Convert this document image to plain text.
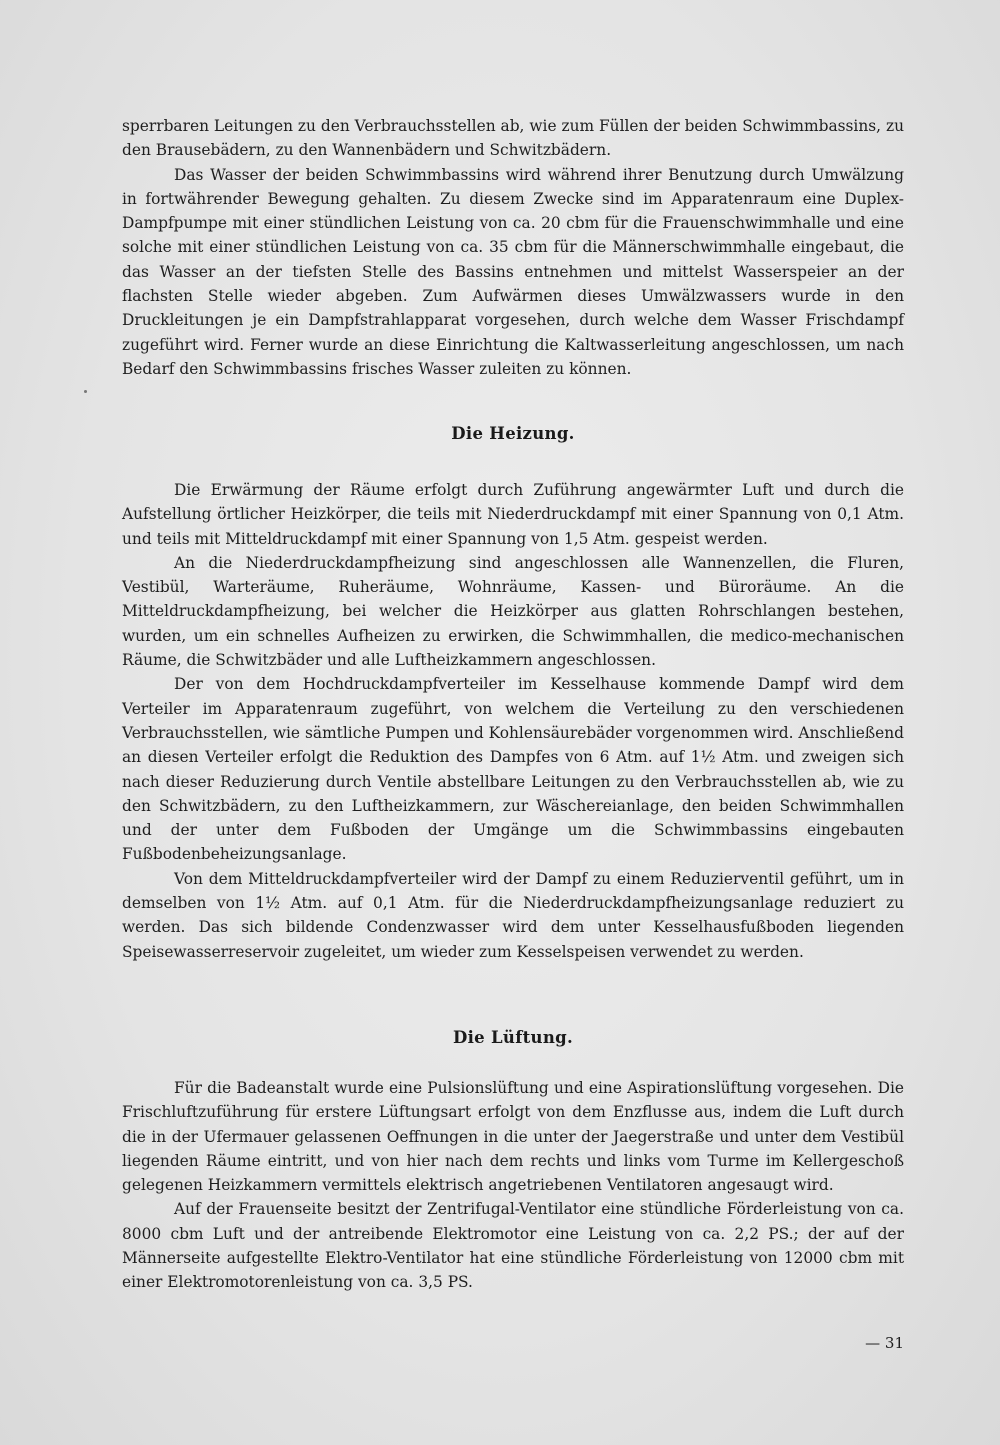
sperrbaren Leitungen zu den Verbrauchsstellen ab, wie zum Füllen der beiden Schwimmbassins, zu den Brausebädern, zu den Wannenbädern und Schwitzbädern.

Das Wasser der beiden Schwimmbassins wird während ihrer Benutzung durch Umwälzung in fortwährender Bewegung gehalten. Zu diesem Zwecke sind im Apparatenraum eine Duplex-Dampfpumpe mit einer stündlichen Leistung von ca. 20 cbm für die Frauenschwimmhalle und eine solche mit einer stündlichen Leistung von ca. 35 cbm für die Männerschwimmhalle eingebaut, die das Wasser an der tiefsten Stelle des Bassins entnehmen und mittelst Wasserspeier an der flachsten Stelle wieder abgeben. Zum Aufwärmen dieses Umwälzwassers wurde in den Druckleitungen je ein Dampfstrahlapparat vorgesehen, durch welche dem Wasser Frischdampf zugeführt wird. Ferner wurde an diese Einrichtung die Kaltwasserleitung angeschlossen, um nach Bedarf den Schwimmbassins frisches Wasser zuleiten zu können.

Die Heizung.

Die Erwärmung der Räume erfolgt durch Zuführung angewärmter Luft und durch die Aufstellung örtlicher Heizkörper, die teils mit Niederdruckdampf mit einer Spannung von 0,1 Atm. und teils mit Mitteldruckdampf mit einer Spannung von 1,5 Atm. gespeist werden.

An die Niederdruckdampfheizung sind angeschlossen alle Wannenzellen, die Fluren, Vestibül, Warteräume, Ruheräume, Wohnräume, Kassen- und Büroräume. An die Mitteldruckdampfheizung, bei welcher die Heizkörper aus glatten Rohrschlangen bestehen, wurden, um ein schnelles Aufheizen zu erwirken, die Schwimmhallen, die medico-mechanischen Räume, die Schwitzbäder und alle Luftheizkammern angeschlossen.

Der von dem Hochdruckdampfverteiler im Kesselhause kommende Dampf wird dem Verteiler im Apparatenraum zugeführt, von welchem die Verteilung zu den verschiedenen Verbrauchsstellen, wie sämtliche Pumpen und Kohlensäurebäder vorgenommen wird. Anschließend an diesen Verteiler erfolgt die Reduktion des Dampfes von 6 Atm. auf 1½ Atm. und zweigen sich nach dieser Reduzierung durch Ventile abstellbare Leitungen zu den Verbrauchsstellen ab, wie zu den Schwitzbädern, zu den Luftheizkammern, zur Wäschereianlage, den beiden Schwimmhallen und der unter dem Fußboden der Umgänge um die Schwimmbassins eingebauten Fußbodenbeheizungsanlage.

Von dem Mitteldruckdampfverteiler wird der Dampf zu einem Reduzierventil geführt, um in demselben von 1½ Atm. auf 0,1 Atm. für die Niederdruckdampfheizungsanlage reduziert zu werden. Das sich bildende Condenzwasser wird dem unter Kesselhausfußboden liegenden Speisewasserreservoir zugeleitet, um wieder zum Kesselspeisen verwendet zu werden.

Die Lüftung.

Für die Badeanstalt wurde eine Pulsionslüftung und eine Aspirationslüftung vorgesehen. Die Frischluftzuführung für erstere Lüftungsart erfolgt von dem Enzflusse aus, indem die Luft durch die in der Ufermauer gelassenen Oeffnungen in die unter der Jaegerstraße und unter dem Vestibül liegenden Räume eintritt, und von hier nach dem rechts und links vom Turme im Kellergeschoß gelegenen Heizkammern vermittels elektrisch angetriebenen Ventilatoren angesaugt wird.

Auf der Frauenseite besitzt der Zentrifugal-Ventilator eine stündliche Förderleistung von ca. 8000 cbm Luft und der antreibende Elektromotor eine Leistung von ca. 2,2 PS.; der auf der Männerseite aufgestellte Elektro-Ventilator hat eine stündliche Förderleistung von 12000 cbm mit einer Elektromotorenleistung von ca. 3,5 PS.

— 31
